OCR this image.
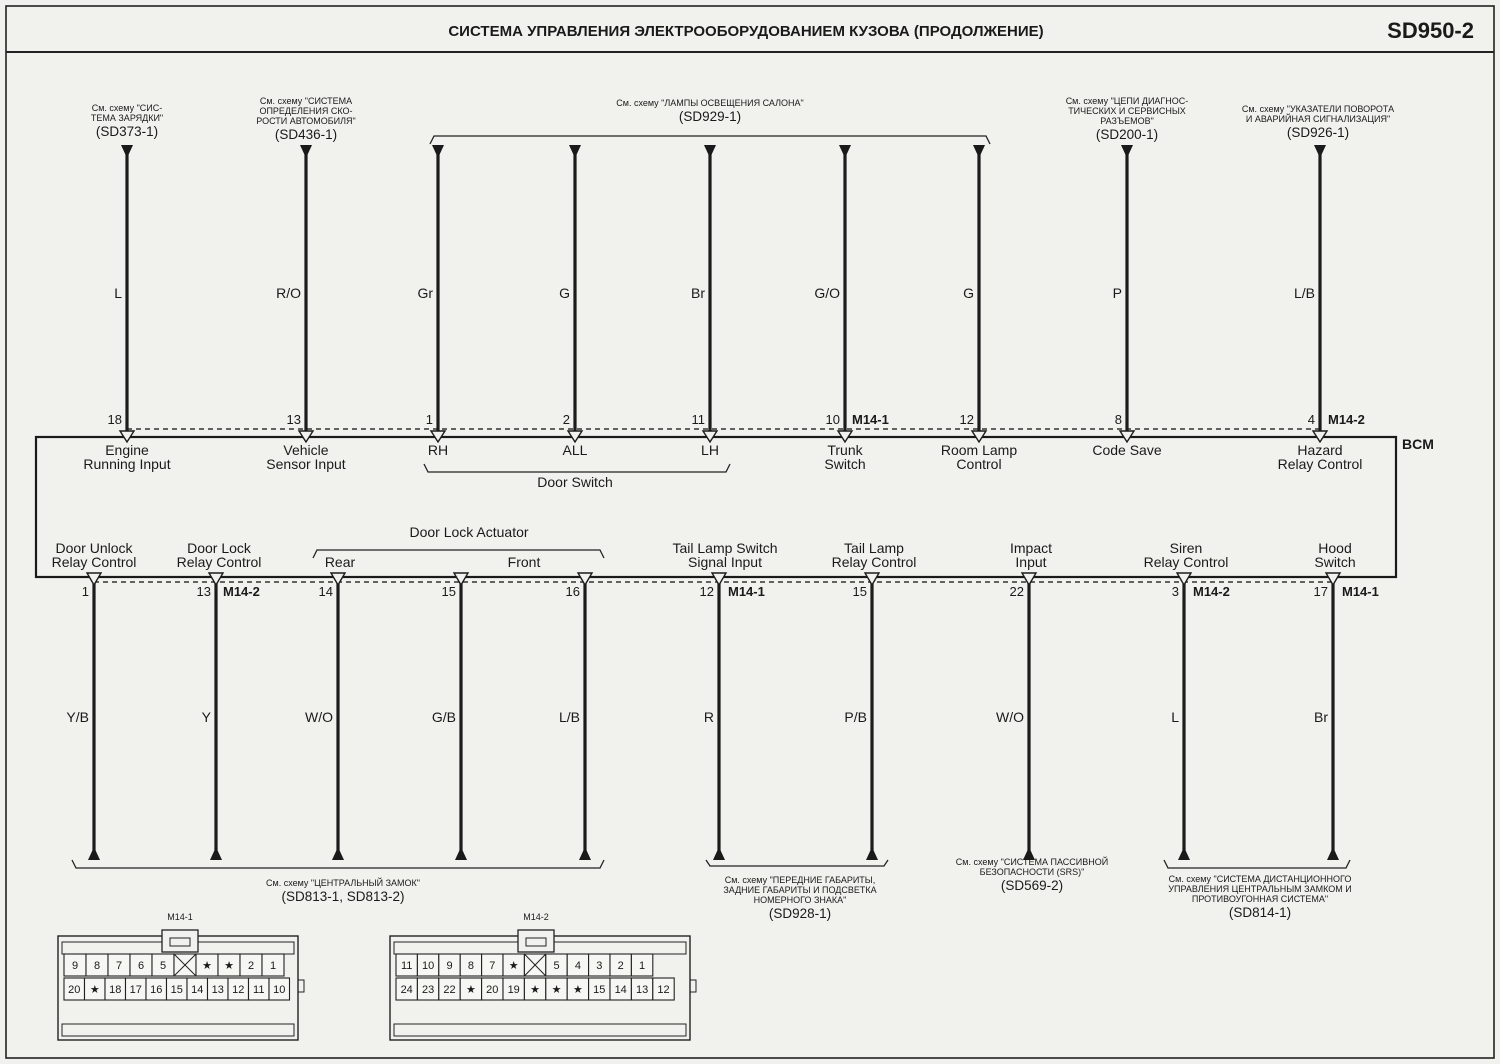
СИСТЕМА УПРАВЛЕНИЯ ЭЛЕКТРООБОРУДОВАНИЕМ КУЗОВА (ПРОДОЛЖЕНИЕ)	SD950-2
BCM
Door Switch
Door Lock Actuator
L
18
Engine
Running Input
R/O
13
Vehicle
Sensor Input
Gr
1
RH
G
2
ALL
Br
11
LH
G/O
10
Trunk
Switch
G
12
Room Lamp
Control
P
8
Code Save
L/B
4
Hazard
Relay Control
M14-1	M14-2
Y/B
1
Door Unlock
Relay Control
Y
13
Door Lock
Relay Control
W/O
14
Rear
G/B
15
L/B
16
Front
R
12
Tail Lamp Switch
Signal Input
P/B
15
Tail Lamp
Relay Control
W/O
22
Impact
Input
L
3
Siren
Relay Control
Br
17
Hood
Switch
M14-2	M14-1	M14-2	M14-1
См. схему "СИС-
ТЕМА ЗАРЯДКИ"
(SD373-1)
См. схему "СИСТЕМА
ОПРЕДЕЛЕНИЯ СКО-
РОСТИ АВТОМОБИЛЯ"
(SD436-1)
См. схему "ЛАМПЫ ОСВЕЩЕНИЯ САЛОНА"
(SD929-1)
См. схему "ЦЕПИ ДИАГНОС-
ТИЧЕСКИХ И СЕРВИСНЫХ
РАЗЪЕМОВ"
(SD200-1)
См. схему "УКАЗАТЕЛИ ПОВОРОТА
И АВАРИЙНАЯ СИГНАЛИЗАЦИЯ"
(SD926-1)
См. схему "ЦЕНТРАЛЬНЫЙ ЗАМОК"
(SD813-1, SD813-2)
См. схему "ПЕРЕДНИЕ ГАБАРИТЫ,
ЗАДНИЕ ГАБАРИТЫ И ПОДСВЕТКА
НОМЕРНОГО ЗНАКА"
(SD928-1)
См. схему "СИСТЕМА ПАССИВНОЙ
БЕЗОПАСНОСТИ (SRS)"
(SD569-2)	См. схему "СИСТЕМА ДИСТАНЦИОННОГО
УПРАВЛЕНИЯ ЦЕНТРАЛЬНЫМ ЗАМКОМ И
ПРОТИВОУГОННАЯ СИСТЕМА"
(SD814-1)
M14-1
9 8 7 6 5	★ ★ 2 1
20 ★ 18 17 16 15 14 13 12 11 10
M14-2
11 10 9 8 7 ★	5 4 3 2 1
24 23 22 ★ 20 19 ★ ★ ★ 15 14 13 12
